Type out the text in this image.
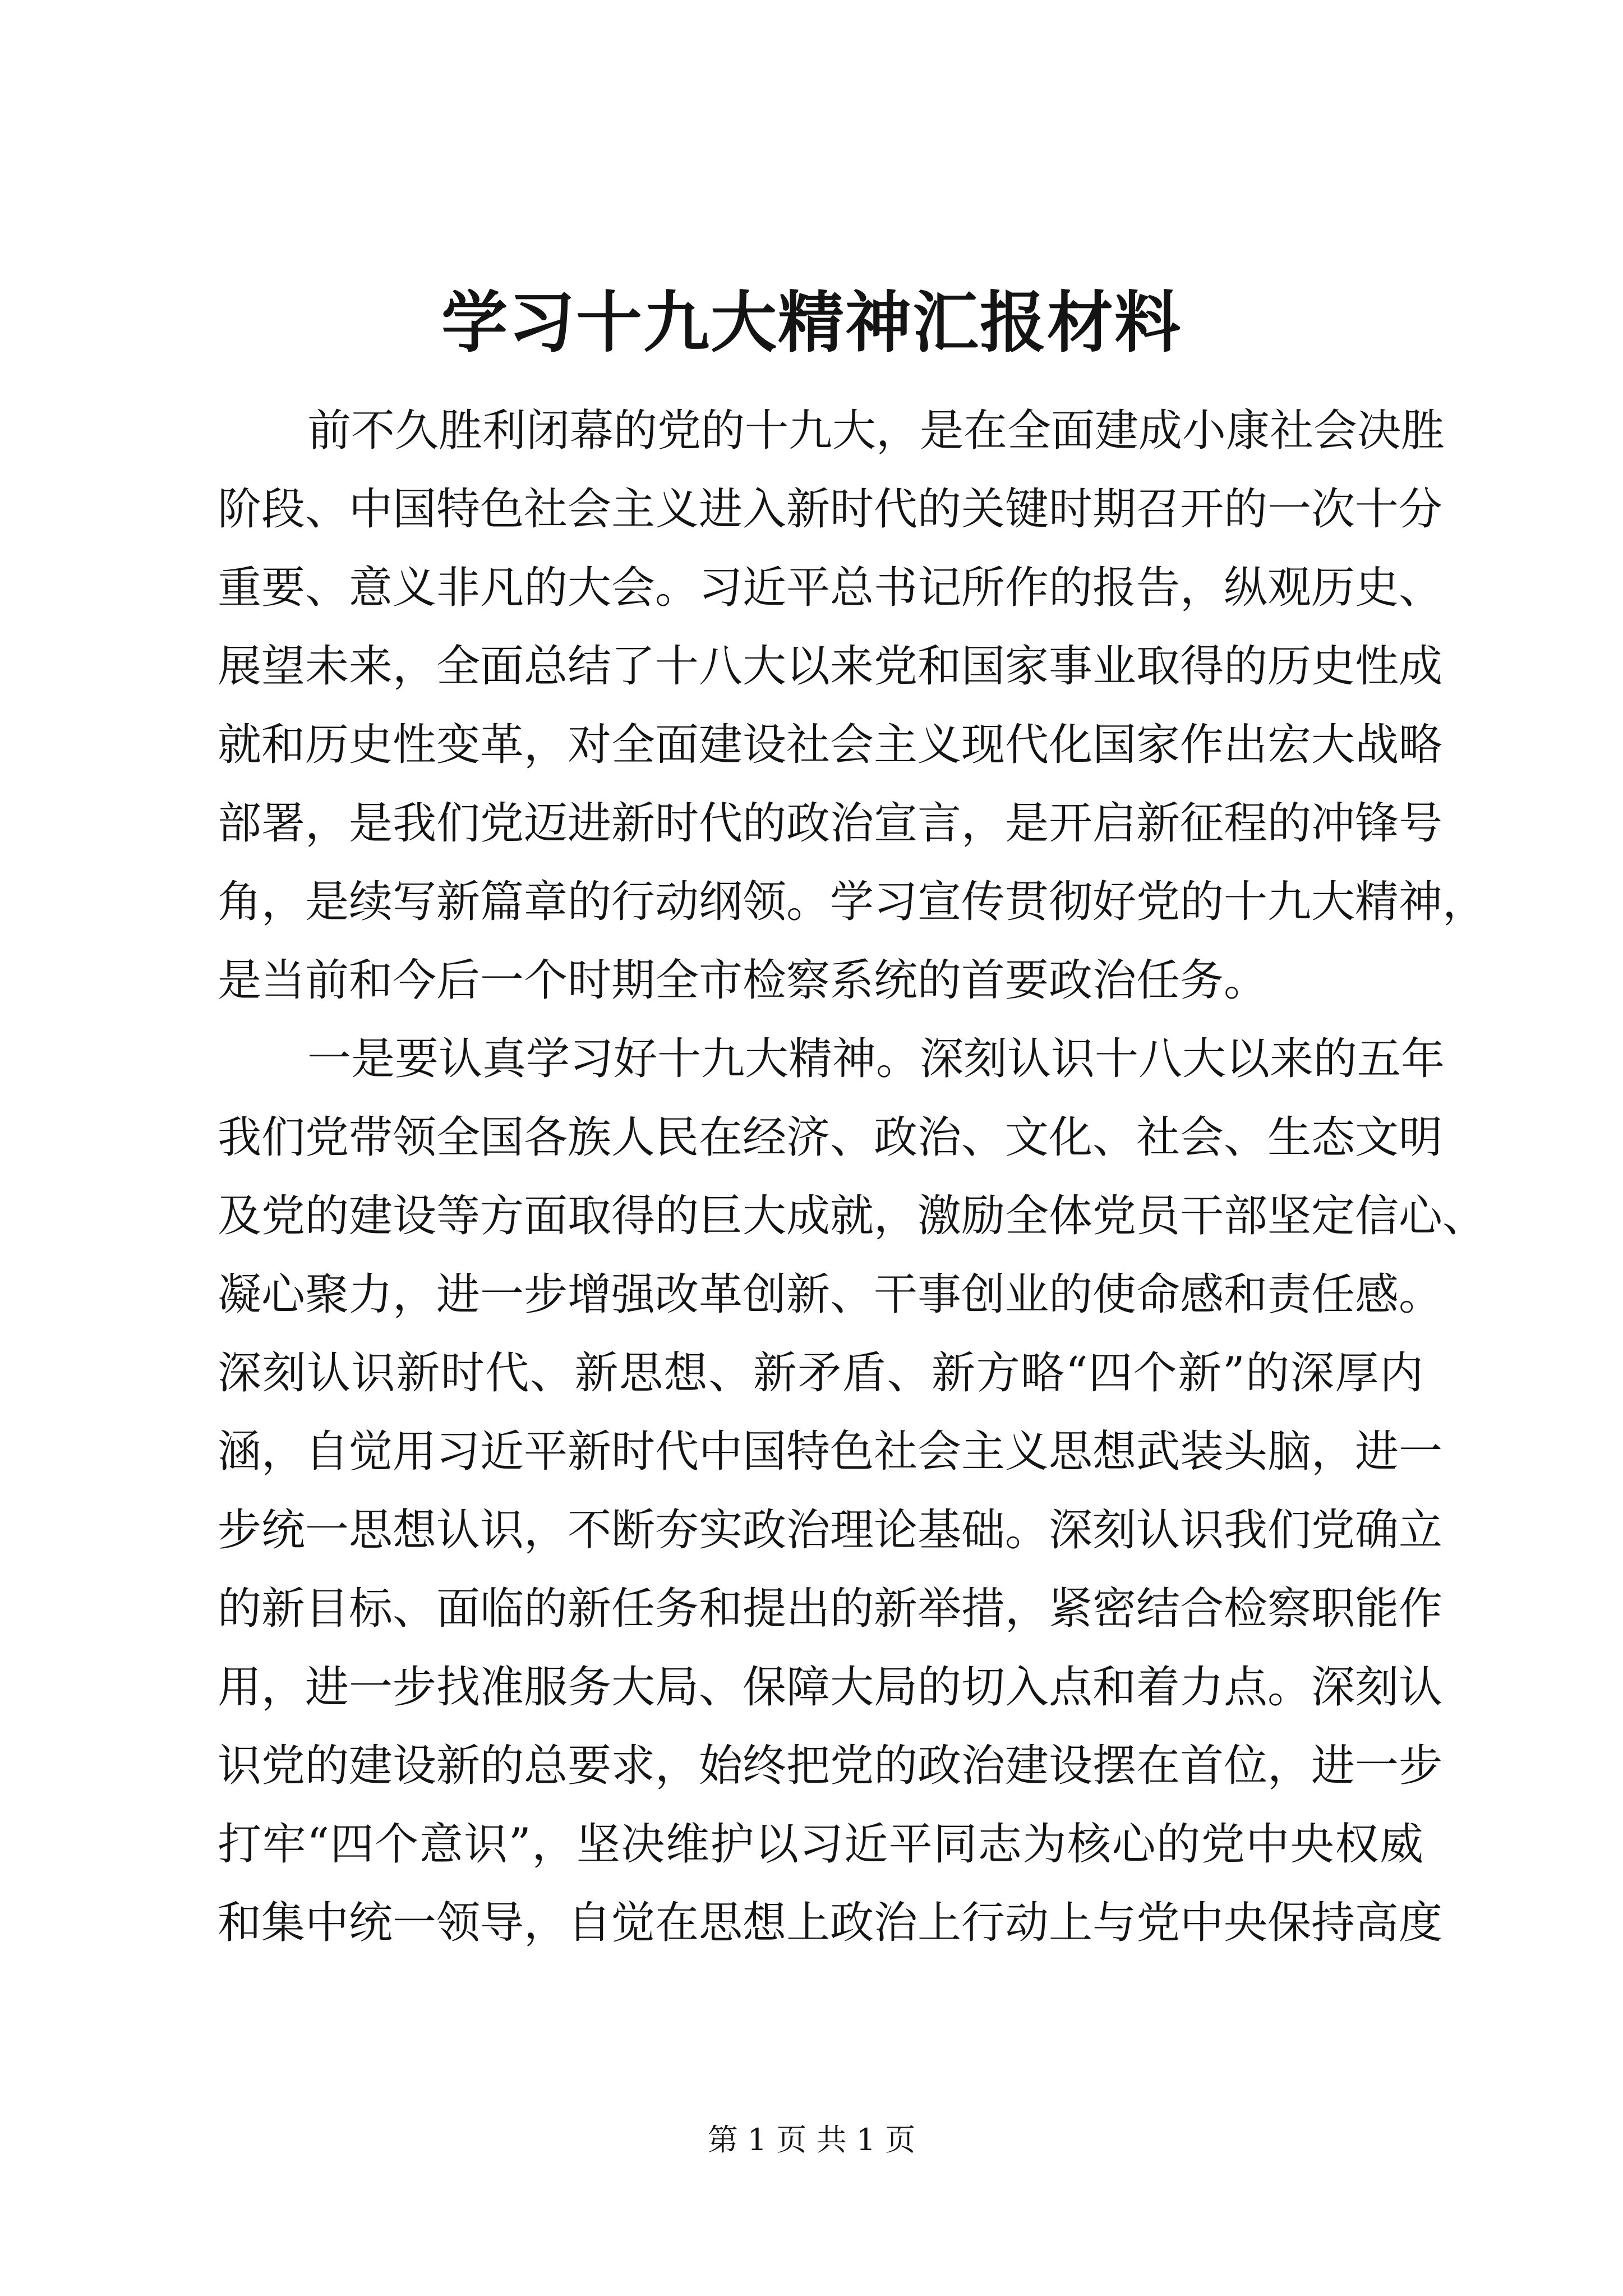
学习十九大精神汇报材料
前不久胜利闭幕的党的十九大，是在全面建成小康社会决胜
阶段、中国特色社会主义进入新时代的关键时期召开的一次十分
重要、意义非凡的大会。习近平总书记所作的报告，纵观历史、
展望未来，全面总结了十八大以来党和国家事业取得的历史性成
就和历史性变革，对全面建设社会主义现代化国家作出宏大战略
部署，是我们党迈进新时代的政治宣言，是开启新征程的冲锋号
角，是续写新篇章的行动纲领。学习宣传贯彻好党的十九大精神，
是当前和今后一个时期全市检察系统的首要政治任务。
一是要认真学习好十九大精神。深刻认识十八大以来的五年
我们党带领全国各族人民在经济、政治、文化、社会、生态文明
及党的建设等方面取得的巨大成就，激励全体党员干部坚定信心、
凝心聚力，进一步增强改革创新、干事创业的使命感和责任感。
深刻认识新时代、新思想、新矛盾、新方略“四个新”的深厚内
涵，自觉用习近平新时代中国特色社会主义思想武装头脑，进一
步统一思想认识，不断夯实政治理论基础。深刻认识我们党确立
的新目标、面临的新任务和提出的新举措，紧密结合检察职能作
用，进一步找准服务大局、保障大局的切入点和着力点。深刻认
识党的建设新的总要求，始终把党的政治建设摆在首位，进一步
打牢“四个意识”，坚决维护以习近平同志为核心的党中央权威
和集中统一领导，自觉在思想上政治上行动上与党中央保持高度
第 1 页 共 1 页
